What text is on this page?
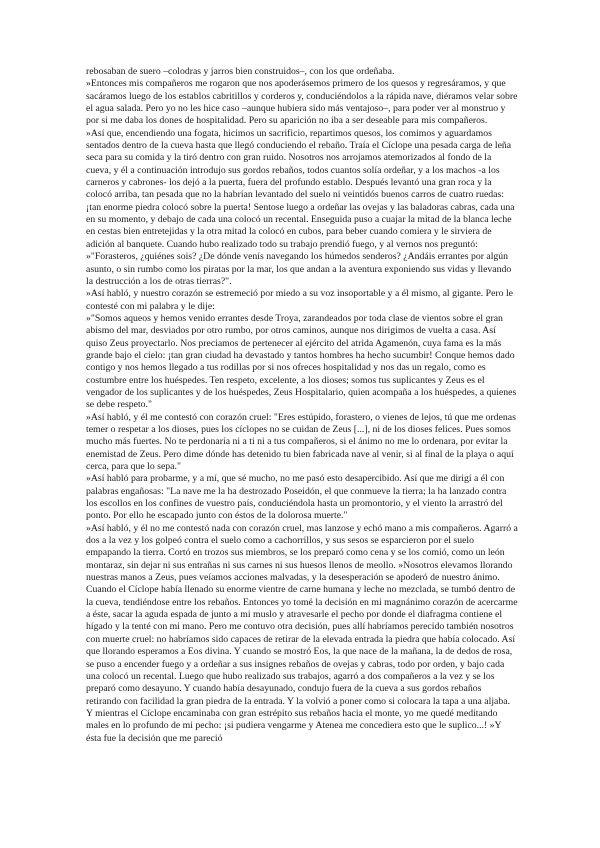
rebosaban de suero –colodras y jarros bien construidos–, con los que ordeñaba.

»Entonces mis compañeros me rogaron que nos apoderásemos primero de los quesos y regresáramos, y que sacáramos luego de los establos cabritillos y corderos y, conduciéndolos a la rápida nave, diéramos velar sobre el agua salada. Pero yo no les hice caso –aunque hubiera sido más ventajoso–, para poder ver al monstruo y por si me daba los dones de hospitalidad. Pero su aparición no iba a ser deseable para mis compañeros.

»Así que, encendiendo una fogata, hicimos un sacrificio, repartimos quesos, los comimos y aguardamos sentados dentro de la cueva hasta que llegó conduciendo el rebaño. Traía el Cíclope una pesada carga de leña seca para su comida y la tiró dentro con gran ruido. Nosotros nos arrojamos atemorizados al fondo de la cueva, y él a continuación introdujo sus gordos rebaños, todos cuantos solía ordeñar, y a los machos -a los carneros y cabrones- los dejó a la puerta, fuera del profundo establo. Después levantó una gran roca y la colocó arriba, tan pesada que no la habrían levantado del suelo ni veintidós buenos carros de cuatro ruedas: ¡tan enorme piedra colocó sobre la puerta! Sentose luego a ordeñar las ovejas y las baladoras cabras, cada una en su momento, y debajo de cada una colocó un recental. Enseguida puso a cuajar la mitad de la blanca leche en cestas bien entretejidas y la otra mitad la colocó en cubos, para beber cuando comiera y le sirviera de adición al banquete. Cuando hubo realizado todo su trabajo prendió fuego, y al vernos nos preguntó:

»"Forasteros, ¿quiénes sois? ¿De dónde venís navegando los húmedos senderos? ¿Andáis errantes por algún asunto, o sin rumbo como los piratas por la mar, los que andan a la aventura exponiendo sus vidas y llevando la destrucción a los de otras tierras?".

»Así habló, y nuestro corazón se estremeció por miedo a su voz insoportable y a él mismo, al gigante. Pero le contesté con mi palabra y le dije:

»"Somos aqueos y hemos venido errantes desde Troya, zarandeados por toda clase de vientos sobre el gran abismo del mar, desviados por otro rumbo, por otros caminos, aunque nos dirigimos de vuelta a casa. Así quiso Zeus proyectarlo. Nos preciamos de pertenecer al ejército del atrida Agamenón, cuya fama es la más grande bajo el cielo: ¡tan gran ciudad ha devastado y tantos hombres ha hecho sucumbir! Conque hemos dado contigo y nos hemos llegado a tus rodillas por si nos ofreces hospitalidad y nos das un regalo, como es costumbre entre los huéspedes. Ten respeto, excelente, a los dioses; somos tus suplicantes y Zeus es el vengador de los suplicantes y de los huéspedes, Zeus Hospitalario, quien acompaña a los huéspedes, a quienes se debe respeto."

»Así habló, y él me contestó con corazón cruel: "Eres estúpido, forastero, o vienes de lejos, tú que me ordenas temer o respetar a los dioses, pues los cíclopes no se cuidan de Zeus [...], ni de los dioses felices. Pues somos mucho más fuertes. No te perdonaría ni a ti ni a tus compañeros, si el ánimo no me lo ordenara, por evitar la enemistad de Zeus. Pero dime dónde has detenido tu bien fabricada nave al venir, si al final de la playa o aquí cerca, para que lo sepa."

»Así habló para probarme, y a mí, que sé mucho, no me pasó esto desapercibido. Así que me dirigí a él con palabras engañosas: "La nave me la ha destrozado Poseidón, el que conmueve la tierra; la ha lanzado contra los escollos en los confines de vuestro país, conduciéndola hasta un promontorio, y el viento la arrastró del ponto. Por ello he escapado junto con éstos de la dolorosa muerte."

»Así habló, y él no me contestó nada con corazón cruel, mas lanzose y echó mano a mis compañeros. Agarró a dos a la vez y los golpeó contra el suelo como a cachorrillos, y sus sesos se esparcieron por el suelo empapando la tierra. Cortó en trozos sus miembros, se los preparó como cena y se los comió, como un león montaraz, sin dejar ni sus entrañas ni sus carnes ni sus huesos llenos de meollo. »Nosotros elevamos llorando nuestras manos a Zeus, pues veíamos acciones malvadas, y la desesperación se apoderó de nuestro ánimo. Cuando el Cíclope había llenado su enorme vientre de carne humana y leche no mezclada, se tumbó dentro de la cueva, tendiéndose entre los rebaños. Entonces yo tomé la decisión en mi magnánimo corazón de acercarme a éste, sacar la aguda espada de junto a mi muslo y atravesarle el pecho por donde el diafragma contiene el hígado y la tenté con mi mano. Pero me contuvo otra decisión, pues allí habríamos perecido también nosotros con muerte cruel: no habríamos sido capaces de retirar de la elevada entrada la piedra que había colocado. Así que llorando esperamos a Eos divina. Y cuando se mostró Eos, la que nace de la mañana, la de dedos de rosa, se puso a encender fuego y a ordeñar a sus insignes rebaños de ovejas y cabras, todo por orden, y bajo cada una colocó un recental. Luego que hubo realizado sus trabajos, agarró a dos compañeros a la vez y se los preparó como desayuno. Y cuando había desayunado, condujo fuera de la cueva a sus gordos rebaños retirando con facilidad la gran piedra de la entrada. Y la volvió a poner como si colocara la tapa a una aljaba. Y mientras el Cíclope encaminaba con gran estrépito sus rebaños hacia el monte, yo me quedé meditando males en lo profundo de mi pecho: ¡si pudiera vengarme y Atenea me concediera esto que le suplico...! »Y ésta fue la decisión que me pareció
